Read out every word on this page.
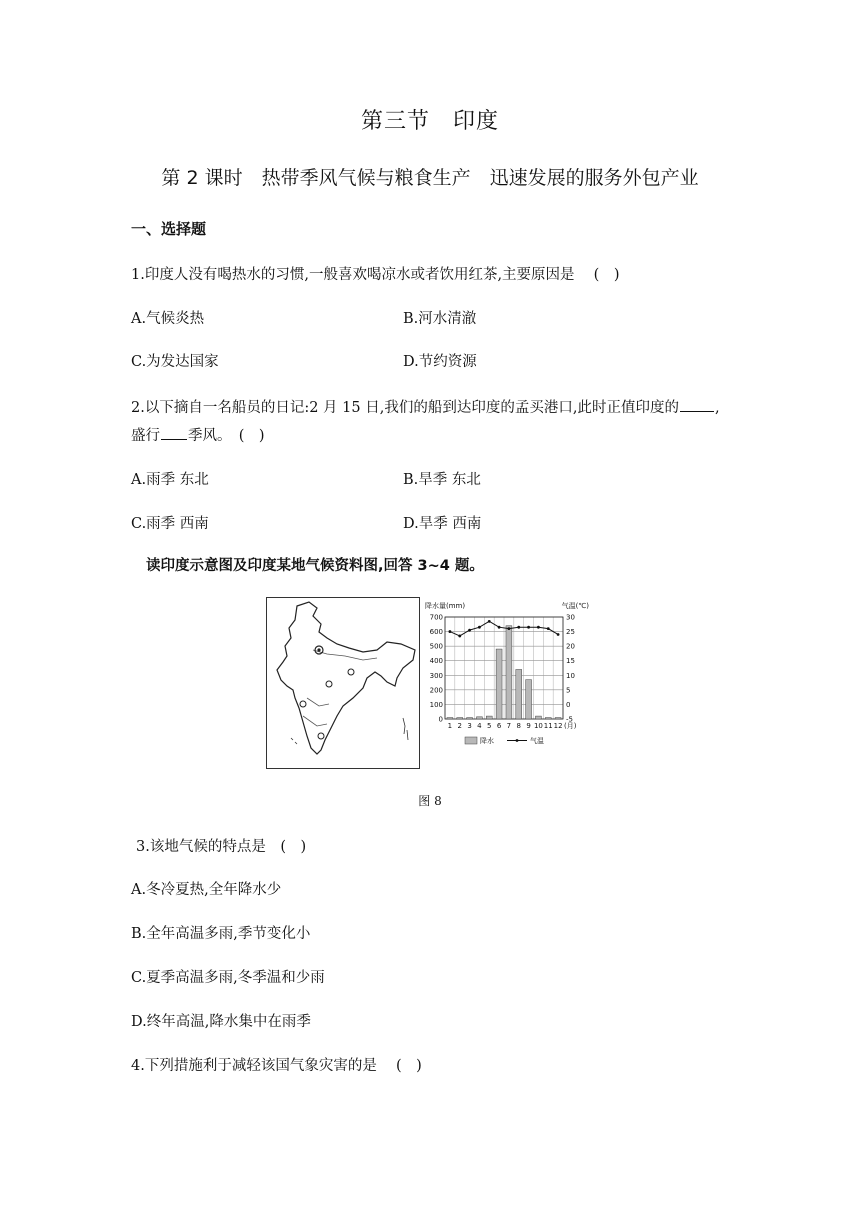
第三节　印度
第 2 课时　热带季风气候与粮食生产　迅速发展的服务外包产业
一、选择题
1.印度人没有喝热水的习惯,一般喜欢喝凉水或者饮用红茶,主要原因是　 (　)
A.气候炎热	B.河水清澈
C.为发达国家	D.节约资源
2.以下摘自一名船员的日记:2 月 15 日,我们的船到达印度的孟买港口,此时正值印度的 ,
盛行 季风。　(　)
A.雨季 东北	B.旱季 东北
C.雨季 西南	D.旱季 西南
读印度示意图及印度某地气候资料图,回答 3~4 题。
降水量(mm)	气温(℃)
0
100
200
300
400
500
600
700
-5
0
5
10
15
20
25
30
1 2 3 4 5 6 7 8 9 10 11 12 (月)
降水	气温
图 8
3.该地气候的特点是　(　)
A.冬冷夏热,全年降水少
B.全年高温多雨,季节变化小
C.夏季高温多雨,冬季温和少雨
D.终年高温,降水集中在雨季
4.下列措施利于减轻该国气象灾害的是　 (　)
